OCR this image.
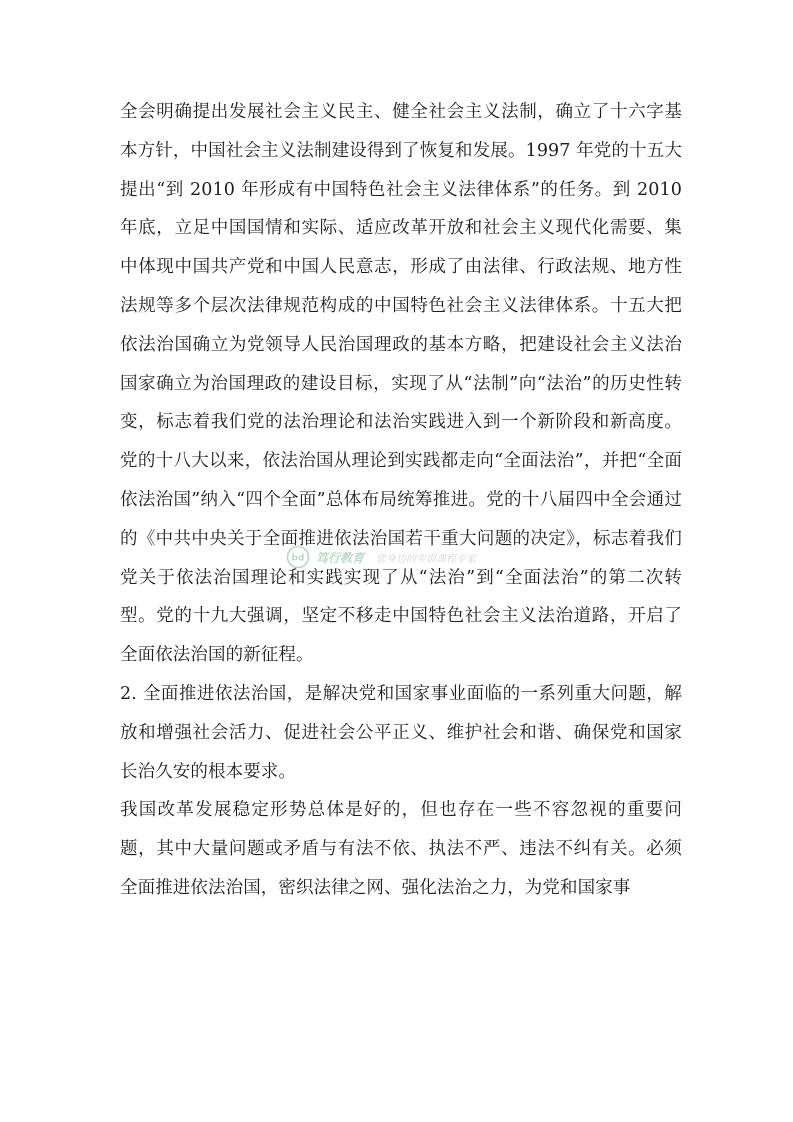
全会明确提出发展社会主义民主、健全社会主义法制，确立了十六字基本方针，中国社会主义法制建设得到了恢复和发展。1997 年党的十五大提出“到 2010 年形成有中国特色社会主义法律体系”的任务。到 2010 年底，立足中国国情和实际、适应改革开放和社会主义现代化需要、集中体现中国共产党和中国人民意志，形成了由法律、行政法规、地方性法规等多个层次法律规范构成的中国特色社会主义法律体系。十五大把依法治国确立为党领导人民治国理政的基本方略，把建设社会主义法治国家确立为治国理政的建设目标，实现了从“法制”向“法治”的历史性转变，标志着我们党的法治理论和法治实践进入到一个新阶段和新高度。党的十八大以来，依法治国从理论到实践都走向“全面法治”，并把“全面依法治国”纳入“四个全面”总体布局统筹推进。党的十八届四中全会通过的《中共中央关于全面推进依法治国若干重大问题的决定》，标志着我们党关于依法治国理论和实践实现了从“法治”到“全面法治”的第二次转型。党的十九大强调，坚定不移走中国特色社会主义法治道路，开启了全面依法治国的新征程。

2. 全面推进依法治国，是解决党和国家事业面临的一系列重大问题，解放和增强社会活力、促进社会公平正义、维护社会和谐、确保党和国家长治久安的根本要求。

我国改革发展稳定形势总体是好的，但也存在一些不容忽视的重要问题，其中大量问题或矛盾与有法不依、执法不严、违法不纠有关。必须全面推进依法治国，密织法律之网、强化法治之力，为党和国家事

bd 笃行教育 您身边的实训课程专家
